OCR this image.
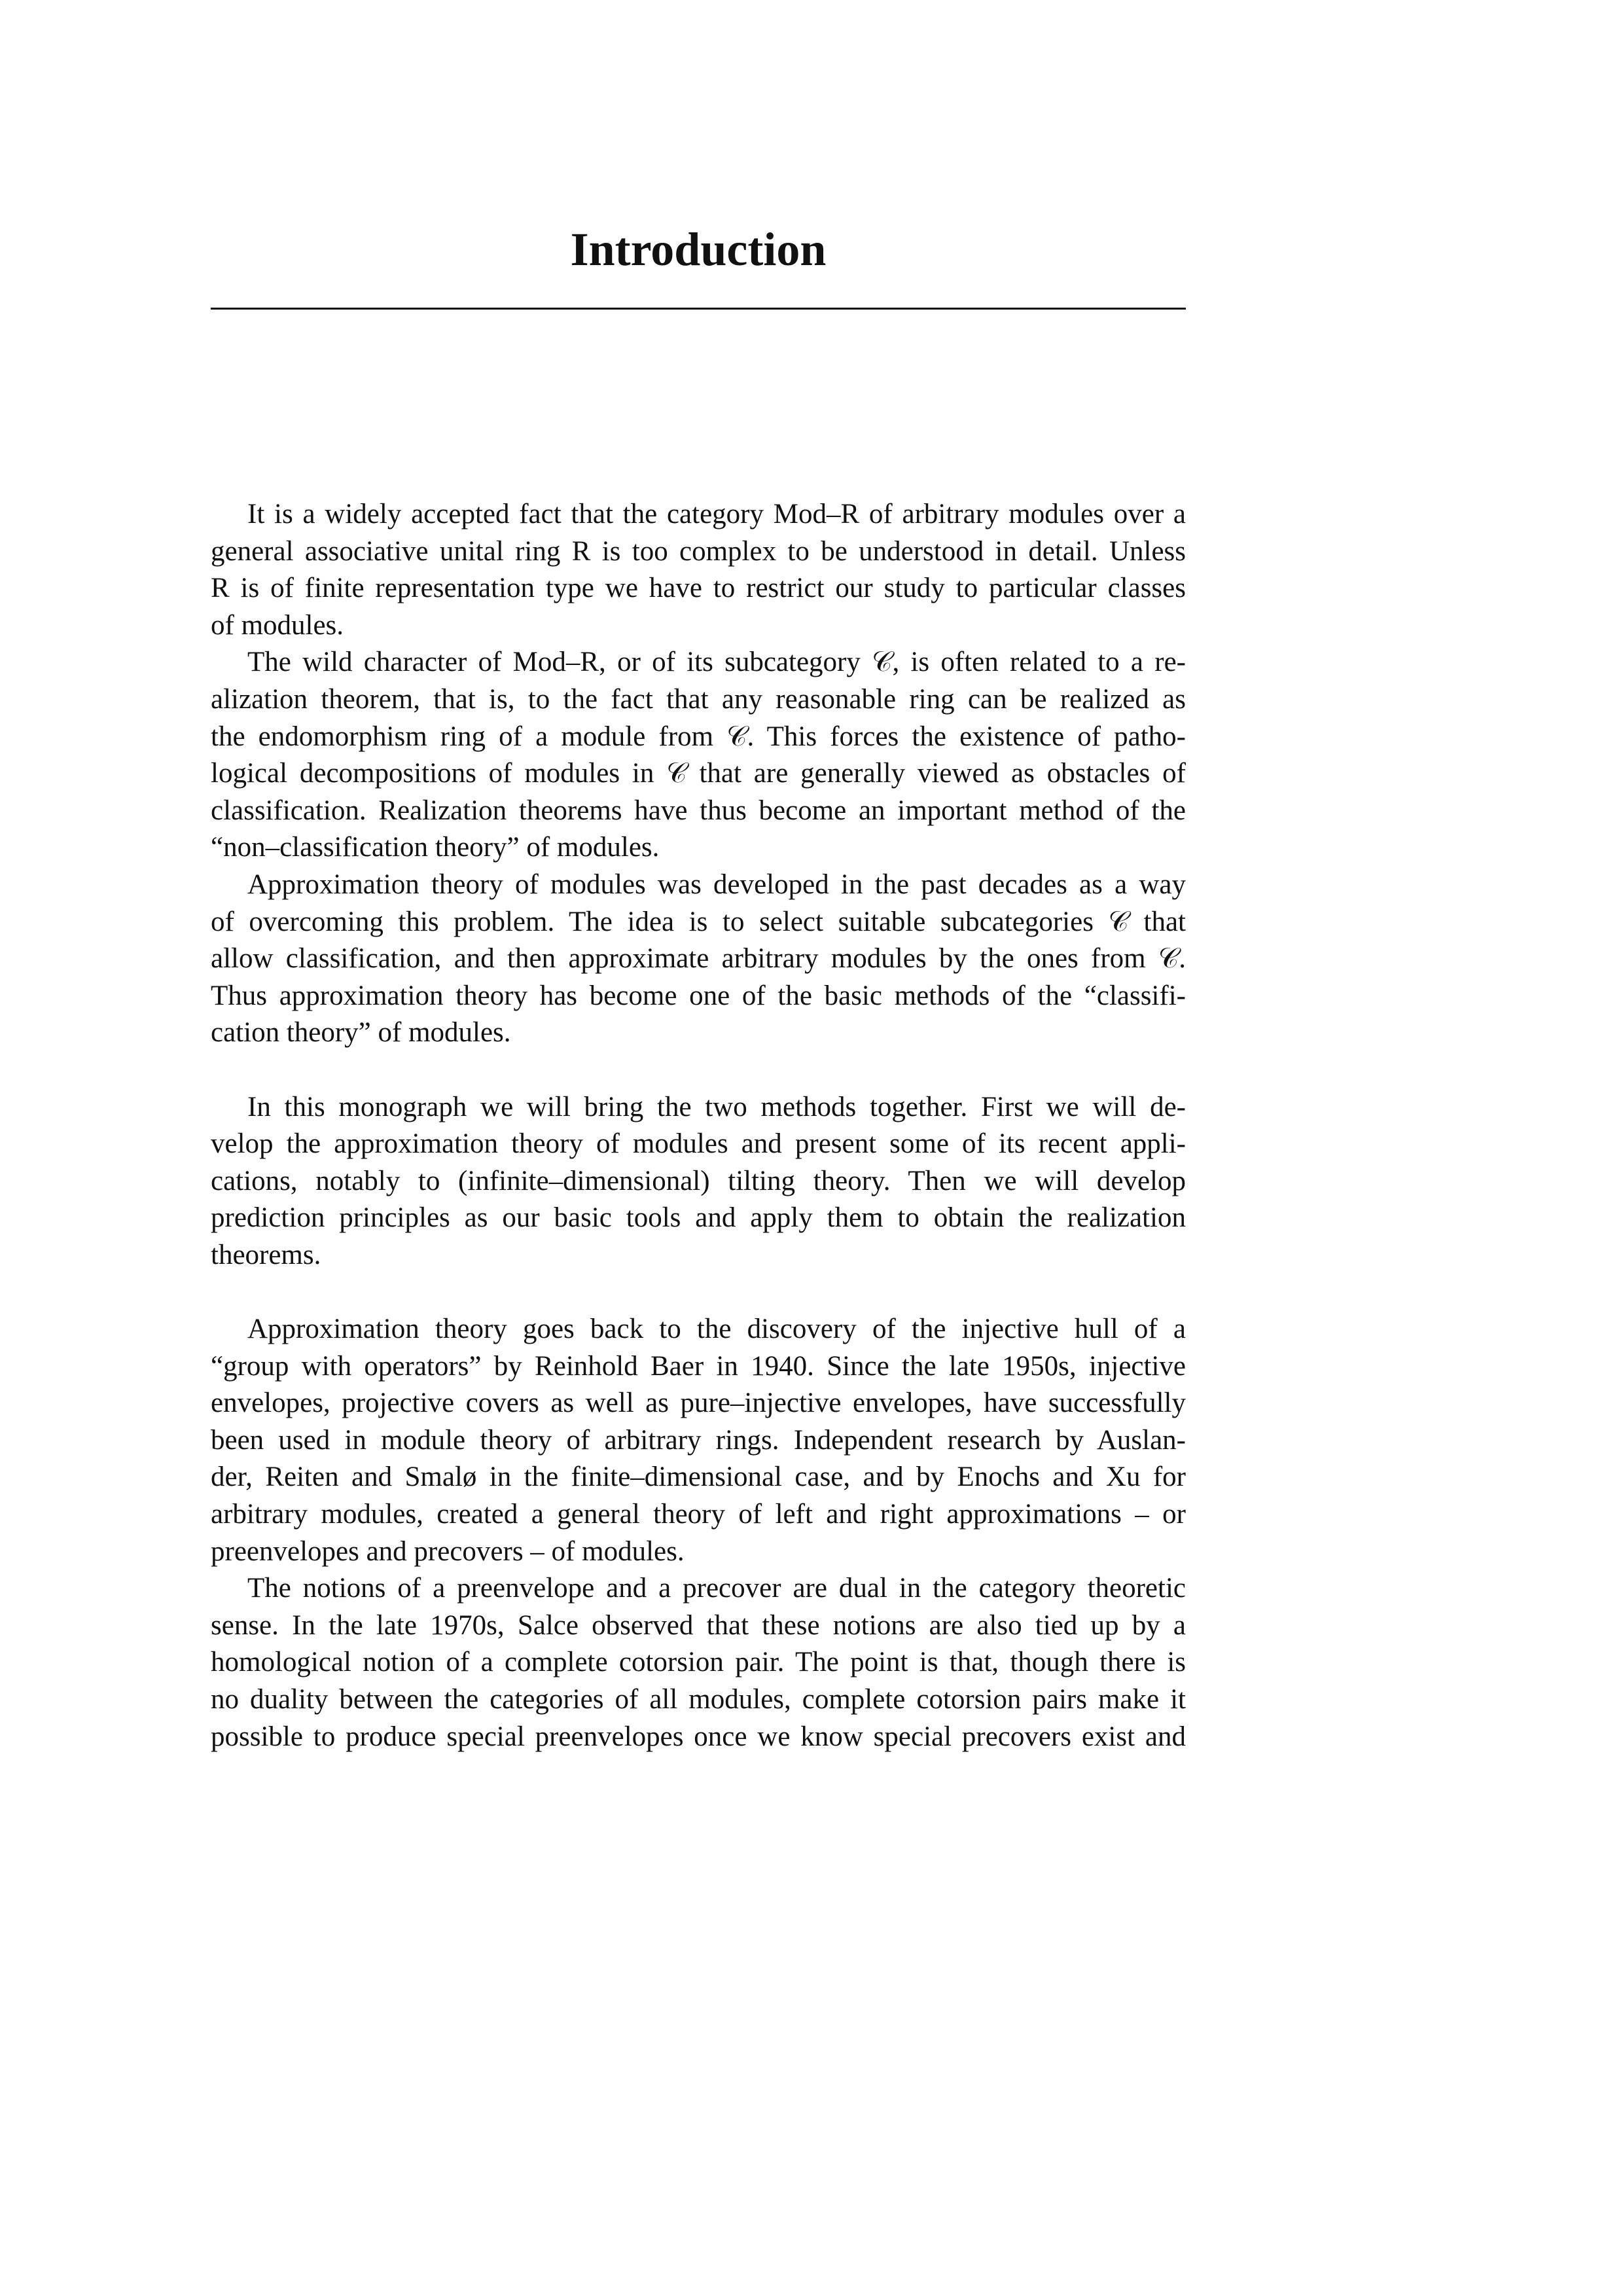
Introduction
It is a widely accepted fact that the category Mod–R of arbitrary modules over a
general associative unital ring R is too complex to be understood in detail. Unless
R is of finite representation type we have to restrict our study to particular classes
of modules.
The wild character of Mod–R, or of its subcategory 𝒞, is often related to a re-
alization theorem, that is, to the fact that any reasonable ring can be realized as
the endomorphism ring of a module from 𝒞. This forces the existence of patho-
logical decompositions of modules in 𝒞 that are generally viewed as obstacles of
classification. Realization theorems have thus become an important method of the
“non–classification theory” of modules.
Approximation theory of modules was developed in the past decades as a way
of overcoming this problem. The idea is to select suitable subcategories 𝒞 that
allow classification, and then approximate arbitrary modules by the ones from 𝒞.
Thus approximation theory has become one of the basic methods of the “classifi-
cation theory” of modules.
In this monograph we will bring the two methods together. First we will de-
velop the approximation theory of modules and present some of its recent appli-
cations, notably to (infinite–dimensional) tilting theory. Then we will develop
prediction principles as our basic tools and apply them to obtain the realization
theorems.
Approximation theory goes back to the discovery of the injective hull of a
“group with operators” by Reinhold Baer in 1940. Since the late 1950s, injective
envelopes, projective covers as well as pure–injective envelopes, have successfully
been used in module theory of arbitrary rings. Independent research by Auslan-
der, Reiten and Smalø in the finite–dimensional case, and by Enochs and Xu for
arbitrary modules, created a general theory of left and right approximations – or
preenvelopes and precovers – of modules.
The notions of a preenvelope and a precover are dual in the category theoretic
sense. In the late 1970s, Salce observed that these notions are also tied up by a
homological notion of a complete cotorsion pair. The point is that, though there is
no duality between the categories of all modules, complete cotorsion pairs make it
possible to produce special preenvelopes once we know special precovers exist and
